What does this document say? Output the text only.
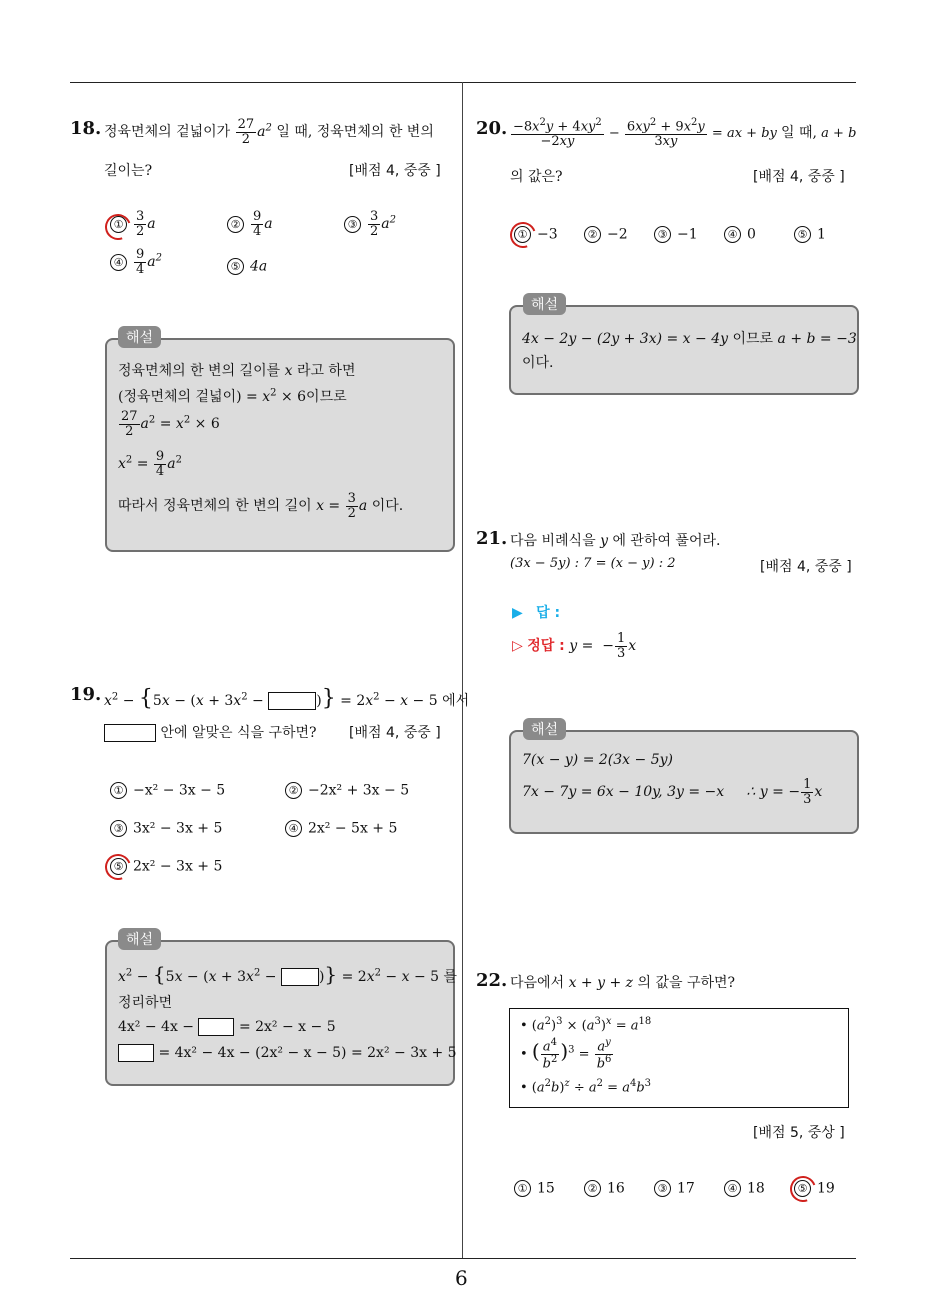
6
18. 정육면체의 겉넓이가 $\frac{27}{2} a^2$ 일 때, 정육면체의 한 변의
길이는?	[배점 4, 중중 ]
① $\frac{3}{2}$ a	② $\frac{9}{4}$ a	③ $\frac{3}{2} a^2$
④ $\frac{9}{4} a^2$
⑤ 4a
해설
정육면체의 한 변의 길이를 x 라고 하면
(정육면체의 겉넓이) = $x^2 \times 6$이므로
$\frac{27}{2} a^2 = x^2 \times 6$
$x^2 = \frac{9}{4} a^2$
따라서 정육면체의 한 변의 길이 $x = \frac{3}{2}$ a 이다.
19. $x^2 - \{5x - (x + 3x^2$ −	)} = $2x^2 - x - 5$ 에서
안에 알맞은 식을 구하면? [배점 4, 중중 ]
① −x² − 3x − 5	② −2x² + 3x − 5
③ 3x² − 3x + 5	④ 2x² − 5x + 5
⑤ 2x² − 3x + 5
해설
$x^2 - \{5x - (x + 3x^2$ −	)} = $2x^2 - x - 5$ 를
정리하면
4x² − 4x −	= 2x² − x − 5
= 4x² − 4x − (2x² − x − 5) = 2x² − 3x + 5
20. $\frac{-8x^2y + 4xy^2}{-2xy} - \frac{6xy^2 + 9x^2y}{3xy}$ = ax + by 일 때, a + b
의 값은?	[배점 4, 중중 ]
① −3	② −2	③ −1	④ 0	⑤ 1
해설
4x − 2y − (2y + 3x) = x − 4y 이므로 a + b = −3
이다.
21. 다음 비례식을 y 에 관하여 풀어라.
(3x − 5y) : 7 = (x − y) : 2	[배점 4, 중중 ]
▶ 답 :
▷ 정답 : y =  − $\frac{1}{3}$ x
해설
7(x − y) = 2(3x − 5y)
7x − 7y = 6x − 10y, 3y = −x ∴ y = − $\frac{1}{3}$ x
22. 다음에서 x + y + z 의 값을 구하면?
• $(a^2)^3 \times (a^3)^x = a^{18}$
• ( $\frac{a^4}{b^2} )^3 = \frac{a^y}{b^6}$
• $(a^2b)^z \div a^2 = a^4b^3$
[배점 5, 중상 ]
① 15	② 16	③ 17	④ 18	⑤ 19
